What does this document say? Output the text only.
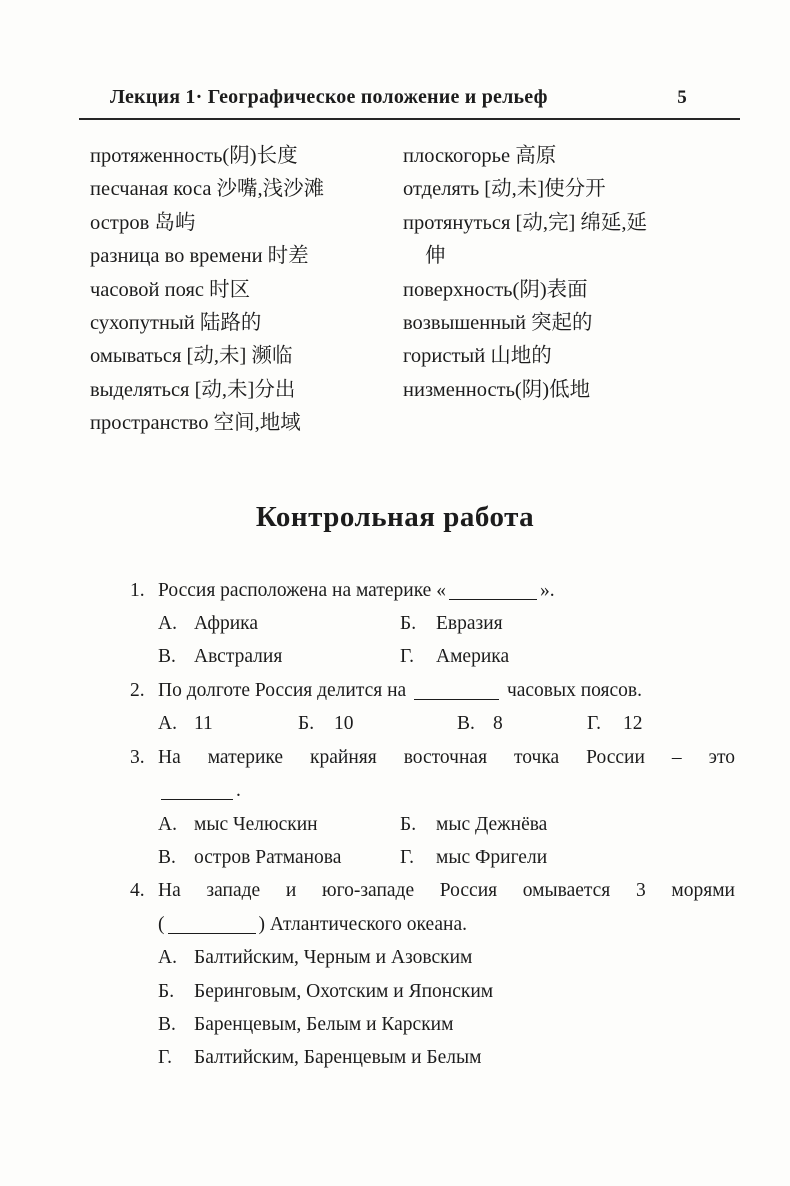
Лекция 1· Географическое положение и рельеф	5
протяженность(阴)长度
песчаная коса 沙嘴,浅沙滩
остров 岛屿
разница во времени 时差
часовой пояс 时区
сухопутный 陆路的
омываться [动,未] 濒临
выделяться [动,未]分出
пространство 空间,地域
плоскогорье 高原
отделять [动,未]使分开
протянуться [动,完] 绵延,延
伸
поверхность(阴)表面
возвышенный 突起的
гористый 山地的
низменность(阴)低地
Контрольная работа
1. Россия расположена на материке «	».
А. Африка	Б. Евразия
В. Австралия	Г. Америка
2. По долготе Россия делится на	часовых поясов.
А. 11	Б. 10	В. 8	Г. 12
3. На материке крайняя восточная точка России – это
.
А. мыс Челюскин	Б. мыс Дежнёва
В. остров Ратманова	Г. мыс Фригели
4. На западе и юго-западе Россия омывается 3 морями
(	) Атлантического океана.
А. Балтийским, Черным и Азовским
Б. Беринговым, Охотским и Японским
В. Баренцевым, Белым и Карским
Г. Балтийским, Баренцевым и Белым
